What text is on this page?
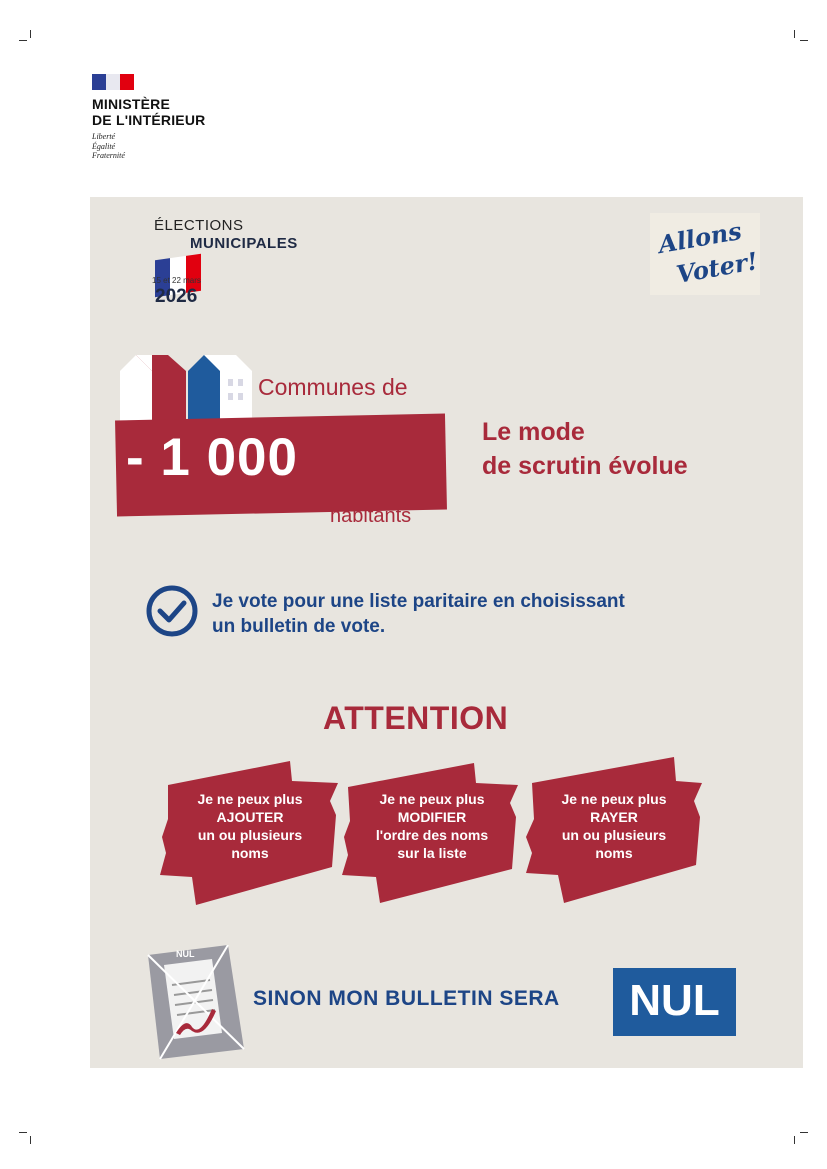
MINISTÈRE
DE L'INTÉRIEUR
Liberté
Égalité
Fraternité
ÉLECTIONS
MUNICIPALES
15 et 22 mars
2026
Allons
Voter!
Communes de
- 1 000
habitants
Le mode
de scrutin évolue
Je vote pour une liste paritaire en choisissant
un bulletin de vote.
ATTENTION
Je ne peux plus
AJOUTER
un ou plusieurs
noms
Je ne peux plus
MODIFIER
l'ordre des noms
sur la liste
Je ne peux plus
RAYER
un ou plusieurs
noms
NUL
SINON MON BULLETIN SERA	NUL
